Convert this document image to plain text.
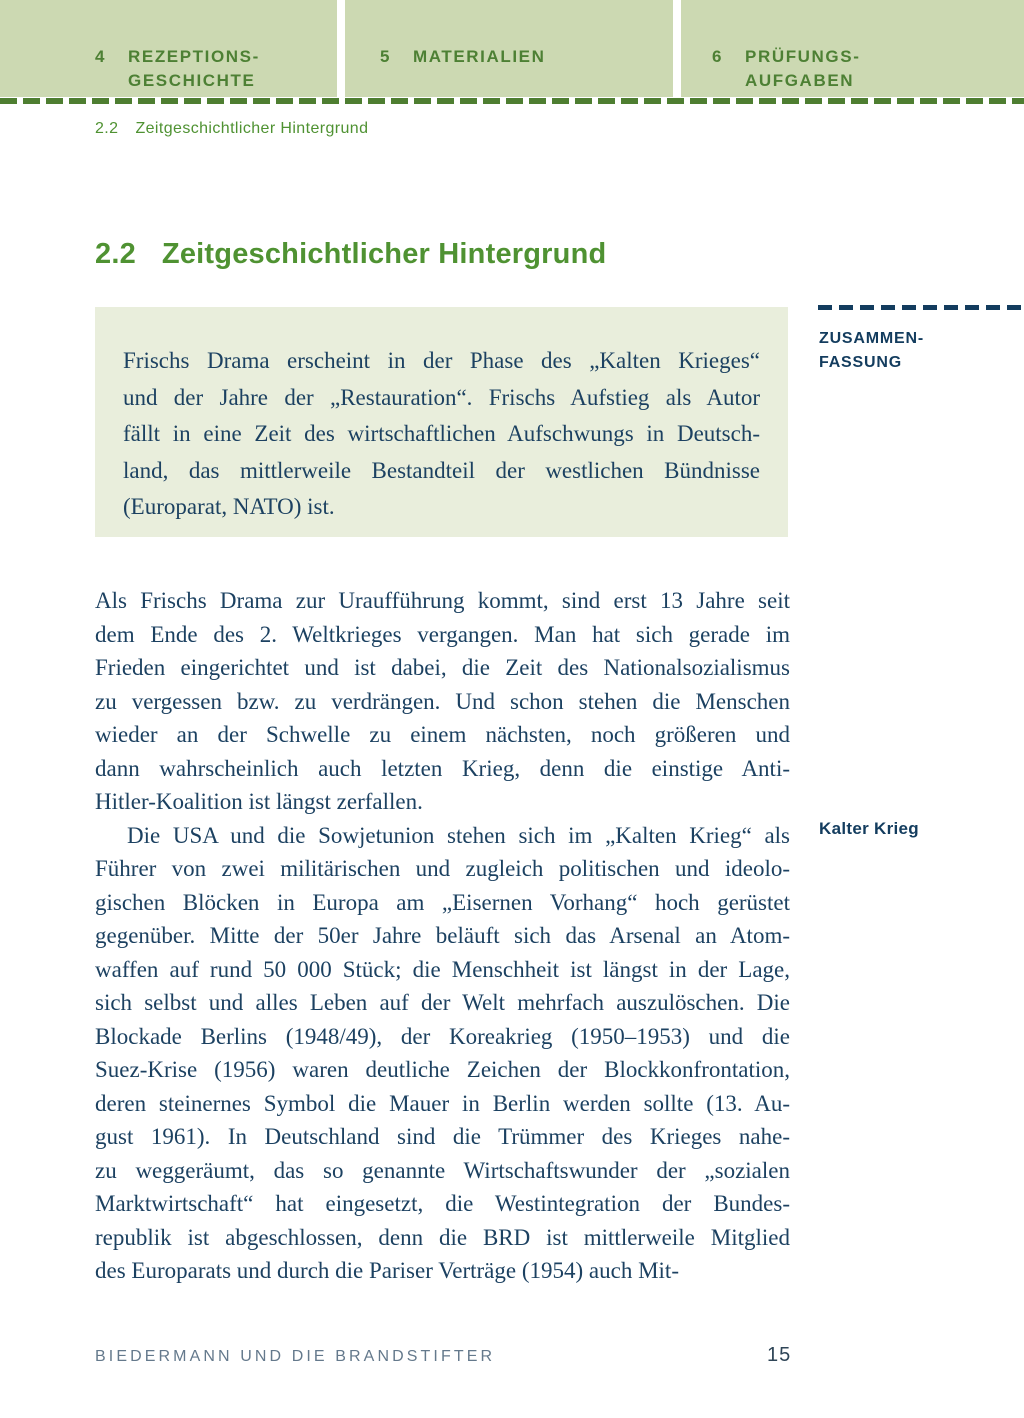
4 REZEPTIONS-
GESCHICHTE
5 MATERIALIEN	6 PRÜFUNGS-
AUFGABEN
2.2 Zeitgeschichtlicher Hintergrund
2.2 Zeitgeschichtlicher Hintergrund
Frischs Drama erscheint in der Phase des „Kalten Krieges“
und der Jahre der „Restauration“. Frischs Aufstieg als Autor
fällt in eine Zeit des wirtschaftlichen Aufschwungs in Deutsch-
land, das mittlerweile Bestandteil der westlichen Bündnisse
(Europarat, NATO) ist.
ZUSAMMEN-
FASSUNG
Kalter Krieg
Als Frischs Drama zur Uraufführung kommt, sind erst 13 Jahre seit
dem Ende des 2. Weltkrieges vergangen. Man hat sich gerade im
Frieden eingerichtet und ist dabei, die Zeit des Nationalsozialismus
zu vergessen bzw. zu verdrängen. Und schon stehen die Menschen
wieder an der Schwelle zu einem nächsten, noch größeren und
dann wahrscheinlich auch letzten Krieg, denn die einstige Anti-
Hitler-Koalition ist längst zerfallen.
Die USA und die Sowjetunion stehen sich im „Kalten Krieg“ als
Führer von zwei militärischen und zugleich politischen und ideolo-
gischen Blöcken in Europa am „Eisernen Vorhang“ hoch gerüstet
gegenüber. Mitte der 50er Jahre beläuft sich das Arsenal an Atom-
waffen auf rund 50 000 Stück; die Menschheit ist längst in der Lage,
sich selbst und alles Leben auf der Welt mehrfach auszulöschen. Die
Blockade Berlins (1948/49), der Koreakrieg (1950–1953) und die
Suez-Krise (1956) waren deutliche Zeichen der Blockkonfrontation,
deren steinernes Symbol die Mauer in Berlin werden sollte (13. Au-
gust 1961). In Deutschland sind die Trümmer des Krieges nahe-
zu weggeräumt, das so genannte Wirtschaftswunder der „sozialen
Marktwirtschaft“ hat eingesetzt, die Westintegration der Bundes-
republik ist abgeschlossen, denn die BRD ist mittlerweile Mitglied
des Europarats und durch die Pariser Verträge (1954) auch Mit-
BIEDERMANN UND DIE BRANDSTIFTER	15
